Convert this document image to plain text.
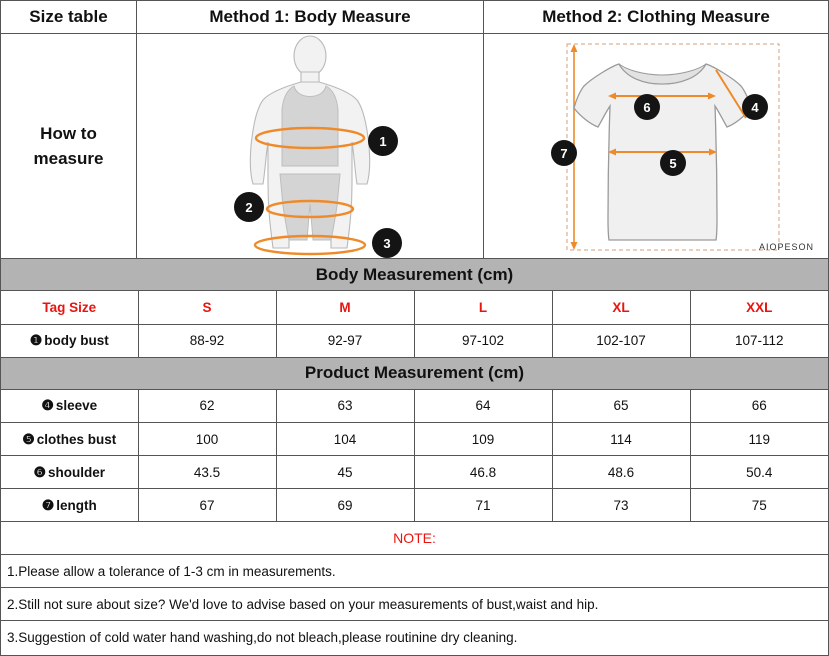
Size table
How to
measure
Method 1: Body Measure
1
2
3
Method 2: Clothing Measure
6	4
5
7
AIOPESON
Body Measurement (cm)
Tag Size	S	M	L	XL	XXL
❶ body bust	88-92	92-97	97-102	102-107	107-112
Product Measurement (cm)
❹ sleeve	62	63	64	65	66
❺ clothes bust	100	104	109	114	119
❻ shoulder	43.5	45	46.8	48.6	50.4
❼ length	67	69	71	73	75
NOTE:
1.Please allow a tolerance of 1-3 cm in measurements.
2.Still not sure about size? We'd love to advise based on your measurements of bust,waist and hip.
3.Suggestion of cold water hand washing,do not bleach,please routinine dry cleaning.
